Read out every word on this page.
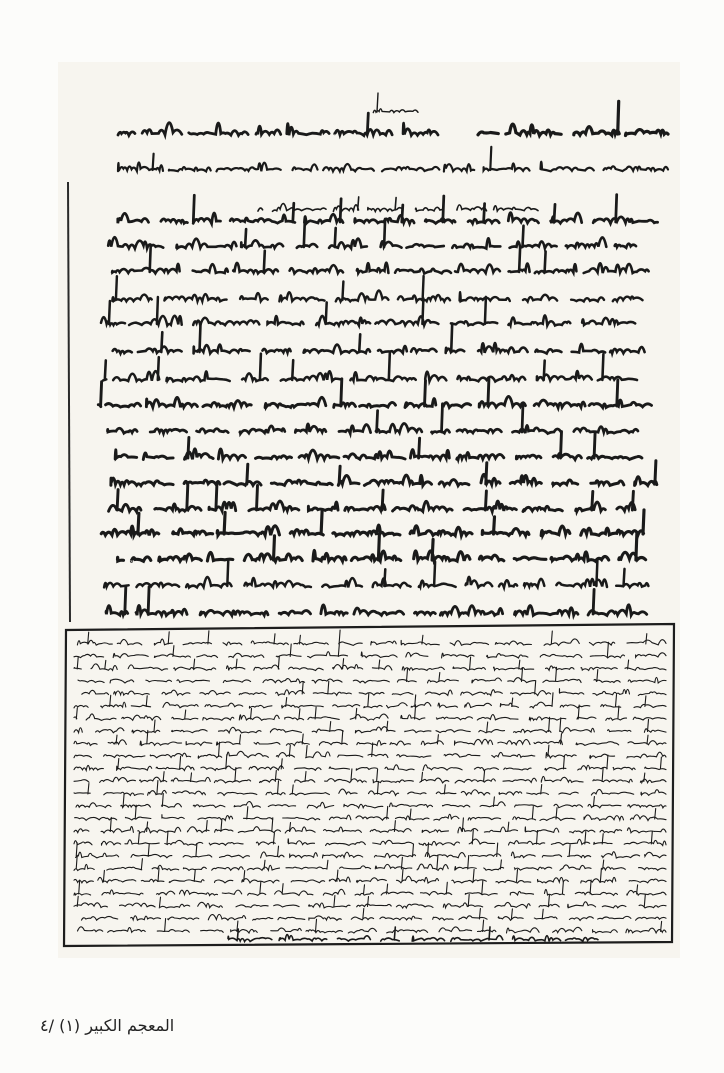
المعجم الكبير (١) /٤
